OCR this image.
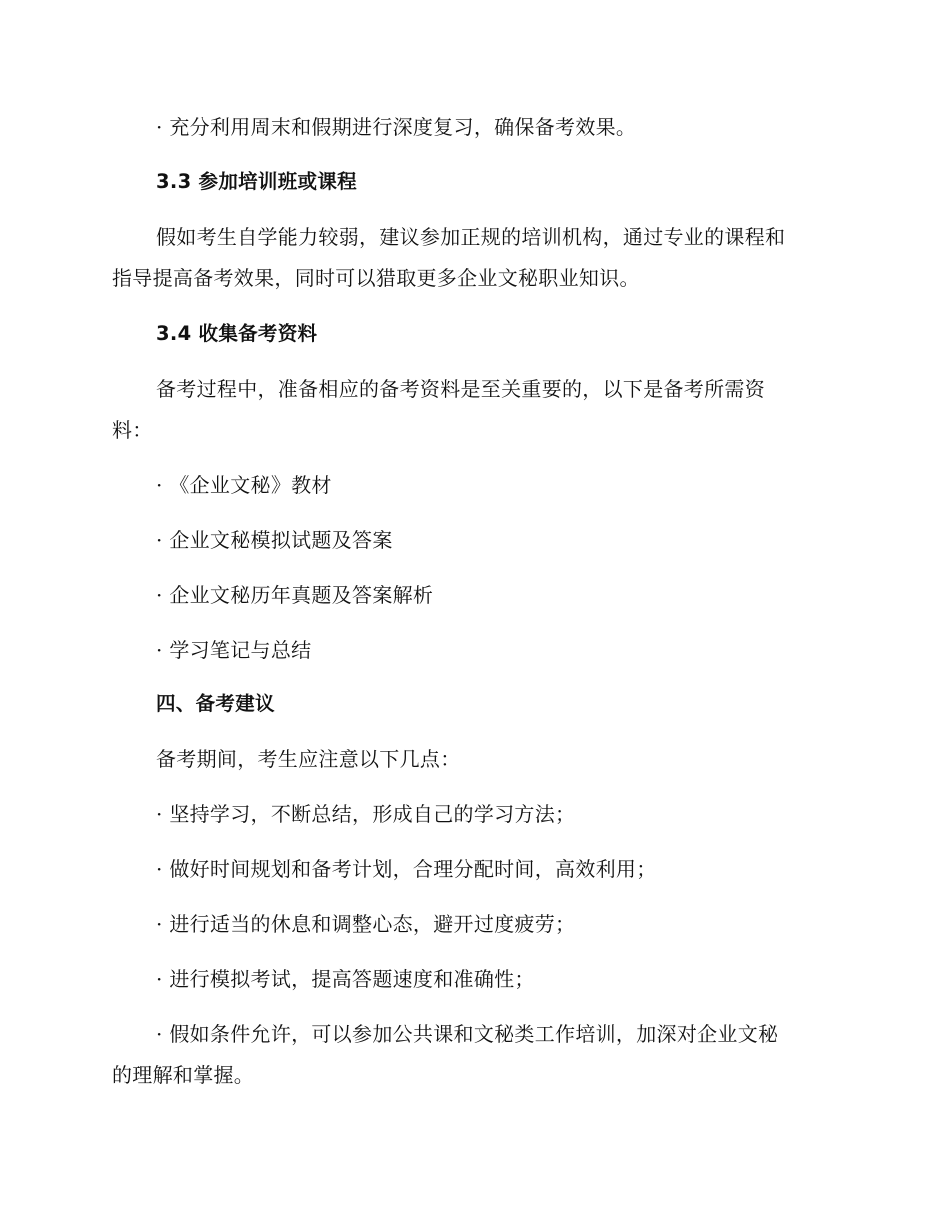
· 充分利用周末和假期进行深度复习，确保备考效果。
3.3 参加培训班或课程
假如考生自学能力较弱，建议参加正规的培训机构，通过专业的课程和
指导提高备考效果，同时可以猎取更多企业文秘职业知识。
3.4 收集备考资料
备考过程中，准备相应的备考资料是至关重要的，以下是备考所需资
料：
· 《企业文秘》教材
· 企业文秘模拟试题及答案
· 企业文秘历年真题及答案解析
· 学习笔记与总结
四、备考建议
备考期间，考生应注意以下几点：
· 坚持学习，不断总结，形成自己的学习方法；
· 做好时间规划和备考计划，合理分配时间，高效利用；
· 进行适当的休息和调整心态，避开过度疲劳；
· 进行模拟考试，提高答题速度和准确性；
· 假如条件允许，可以参加公共课和文秘类工作培训，加深对企业文秘
的理解和掌握。
